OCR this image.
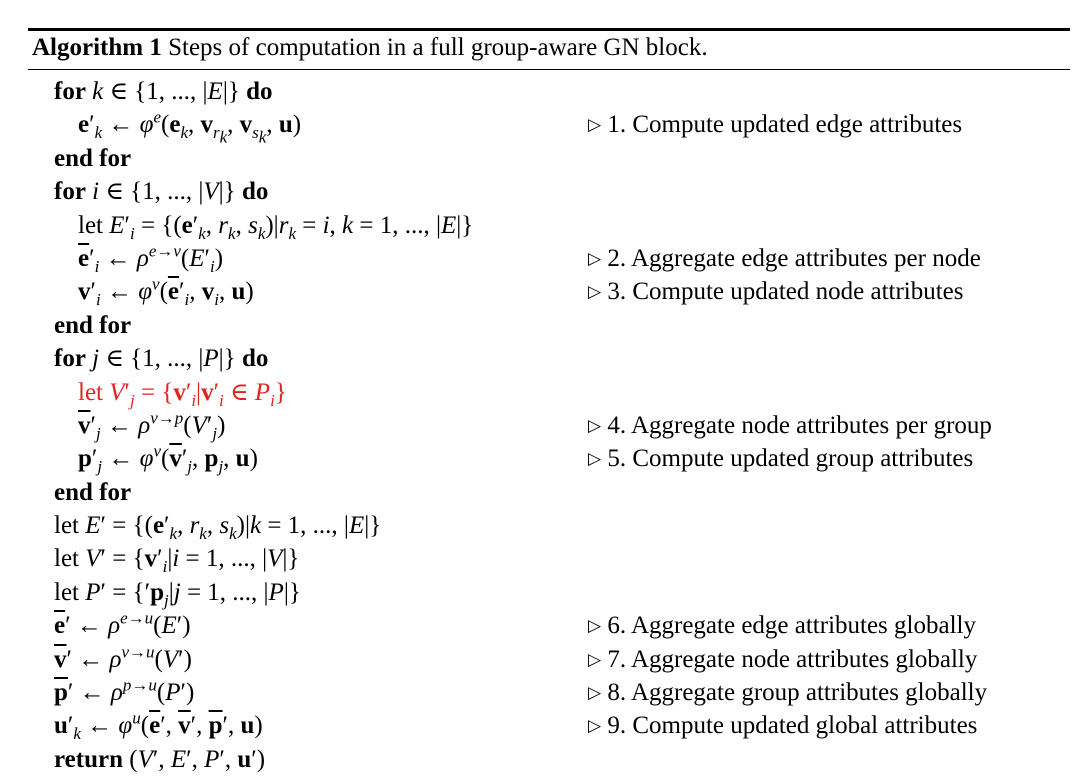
Algorithm 1 Steps of computation in a full group-aware GN block.
for k ∈ {1, ..., |E|} do
$e'_k$ ← $\varphi^e(e_k$, $v_{r_k}$, $v_{s_k}$, u)	▷ 1. Compute updated edge attributes
end for
for i ∈ {1, ..., |V|} do
let $E'_i = \{(e'_k$, $r_k$, $s_k)|r_k = i$, k = 1, ..., |E|}
$\overline{e}'_i$ ← $\rho^{e\to v}(E'_i)$	▷ 2. Aggregate edge attributes per node
$v'_i$ ← $\varphi^v(\overline{e}'_i$, $v_i$, u)	▷ 3. Compute updated node attributes
end for
for j ∈ {1, ..., |P|} do
let $V'_j = \{v'_i|v'_i$ ∈ $P_i$}
$\overline{v}'_j$ ← $\rho^{v\to p}(V'_j)$	▷ 4. Aggregate node attributes per group
$p'_j$ ← $\varphi^v(\overline{v}'_j$, $p_j$, u)	▷ 5. Compute updated group attributes
end for
let $E' = \{(e'_k$, $r_k$, $s_k)|k = 1$, ..., |E|}
let $V' = \{v'_i|i = 1$, ..., |V|}
let $P' = \{'p_j|j = 1$, ..., |P|}
$\overline{e}'$ ← $\rho^{e\to u}(E')$	▷ 6. Aggregate edge attributes globally
$\overline{v}'$ ← $\rho^{v\to u}(V')$	▷ 7. Aggregate node attributes globally
$\overline{p}'$ ← $\rho^{p\to u}(P')$	▷ 8. Aggregate group attributes globally
$u'_k$ ← $\varphi^u(\overline{e}'$, $\overline{v}'$, $\overline{p}'$, u)	▷ 9. Compute updated global attributes
return (V′, E′, P′, u′)
